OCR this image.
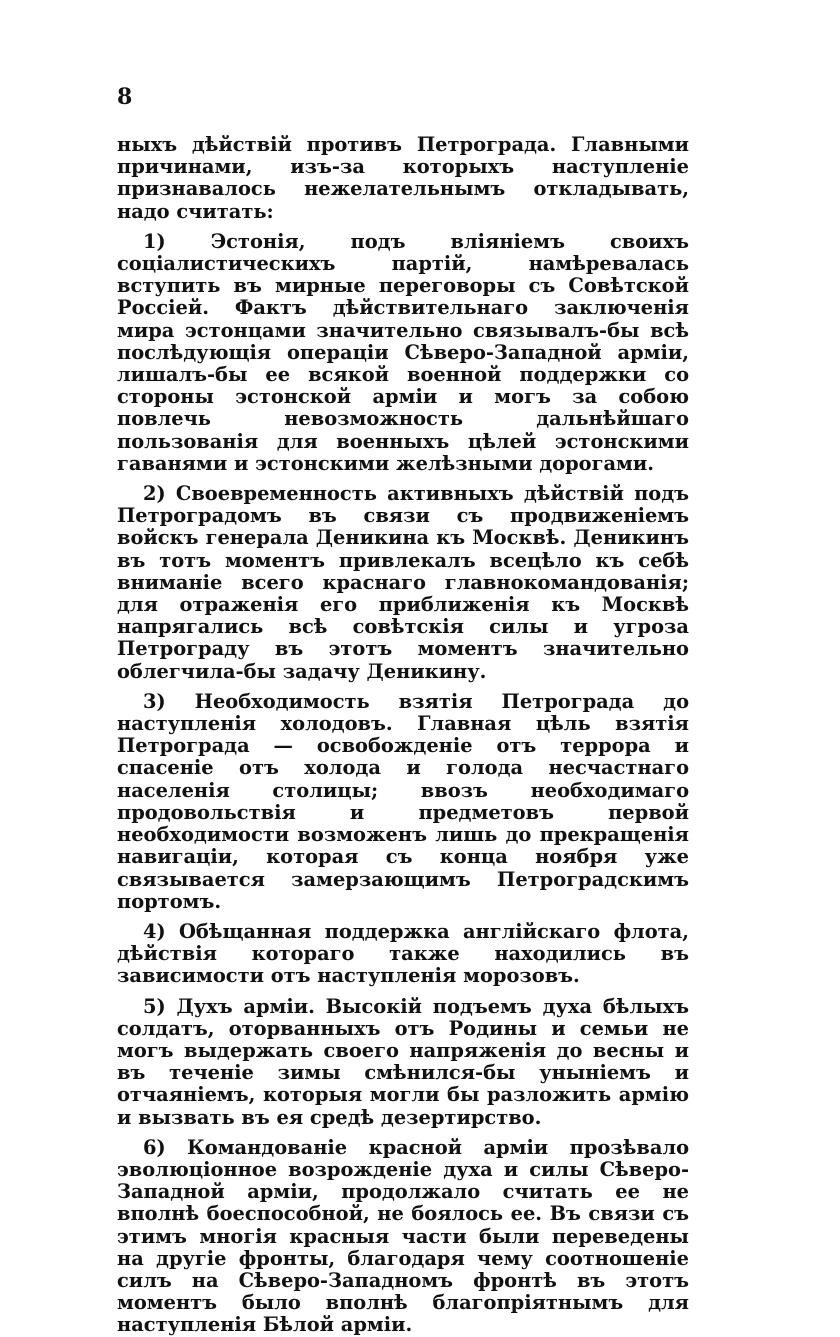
8

ныхъ дѣйствій противъ Петрограда. Главными причинами, изъ-за которыхъ наступленіе признавалось нежелательнымъ откладывать, надо считать:

1) Эстонія, подъ вліяніемъ своихъ соціалистическихъ партій, намѣревалась вступить въ мирные переговоры съ Совѣтской Россіей. Фактъ дѣйствительнаго заключенія мира эстонцами значительно связывалъ-бы всѣ послѣдующія операціи Сѣверо-Западной арміи, лишалъ-бы ее всякой военной поддержки со стороны эстонской арміи и могъ за собою повлечь невозможность дальнѣйшаго пользованія для военныхъ цѣлей эстонскими гаванями и эстонскими желѣзными дорогами.

2) Своевременность активныхъ дѣйствій подъ Петроградомъ въ связи съ продвиженіемъ войскъ генерала Деникина къ Москвѣ. Деникинъ въ тотъ моментъ привлекалъ всецѣло къ себѣ вниманіе всего краснаго главнокомандованія; для отраженія его приближенія къ Москвѣ напрягались всѣ совѣтскія силы и угроза Петрограду въ этотъ моментъ значительно облегчила-бы задачу Деникину.

3) Необходимость взятія Петрограда до наступленія холодовъ. Главная цѣль взятія Петрограда — освобожденіе отъ террора и спасеніе отъ холода и голода несчастнаго населенія столицы; ввозъ необходимаго продовольствія и предметовъ первой необходимости возможенъ лишь до прекращенія навигаціи, которая съ конца ноября уже связывается замерзающимъ Петроградскимъ портомъ.

4) Обѣщанная поддержка англійскаго флота, дѣйствія котораго также находились въ зависимости отъ наступленія морозовъ.

5) Духъ арміи. Высокій подъемъ духа бѣлыхъ солдатъ, оторванныхъ отъ Родины и семьи не могъ выдержать своего напряженія до весны и въ теченіе зимы смѣнился-бы уныніемъ и отчаяніемъ, которыя могли бы разложить армію и вызвать въ ея средѣ дезертирство.

6) Командованіе красной арміи прозѣвало эволюціонное возрожденіе духа и силы Сѣверо-Западной арміи, продолжало считать ее не вполнѣ боеспособной, не боялось ее. Въ связи съ этимъ многія красныя части были переведены на другіе фронты, благодаря чему соотношеніе силъ на Сѣверо-Западномъ фронтѣ въ этотъ моментъ было вполнѣ благопріятнымъ для наступленія Бѣлой арміи.
